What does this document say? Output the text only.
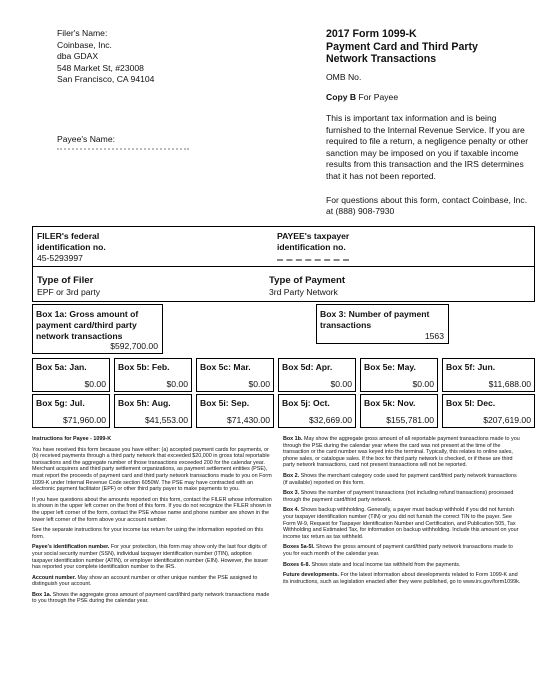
Filer's Name:
Coinbase, Inc.
dba GDAX
548 Market St, #23008
San Francisco, CA 94104
2017 Form 1099-K
Payment Card and Third Party
Network Transactions
OMB No.
Copy B For Payee
This is important tax information and is being furnished to the Internal Revenue Service. If you are required to file a return, a negligence penalty or other sanction may be imposed on you if taxable income results from this transaction and the IRS determines that it has not been reported.
For questions about this form, contact Coinbase, Inc. at (888) 908-7930
Payee's Name:
FILER's federal
identification no.
45-5293997
PAYEE's taxpayer
identification no.
Type of Filer
EPF or 3rd party
Type of Payment
3rd Party Network
Box 1a: Gross amount of
payment card/third party
network transactions
$592,700.00
Box 3: Number of payment
transactions
1563
Box 5a: Jan.
$0.00
Box 5b: Feb.
$0.00
Box 5c: Mar.
$0.00
Box 5d: Apr.
$0.00
Box 5e: May.
$0.00
Box 5f: Jun.
$11,688.00
Box 5g: Jul.
$71,960.00
Box 5h: Aug.
$41,553.00
Box 5i: Sep.
$71,430.00
Box 5j: Oct.
$32,669.00
Box 5k: Nov.
$155,781.00
Box 5l: Dec.
$207,619.00

Instructions for Payee - 1099-K

You have received this form because you have either: (a) accepted payment cards for payments, or (b) received payments through a third party network that exceeded $20,000 in gross total reportable transactions and the aggregate number of those transactions exceeded 200 for the calendar year. Merchant acquirers and third party settlement organizations, as payment settlement entities (PSE), must report the proceeds of payment card and third party network transactions made to you on Form 1099-K under Internal Revenue Code section 6050W. The PSE may have contracted with an electronic payment facilitator (EPF) or other third party payer to make payments to you.

If you have questions about the amounts reported on this form, contact the FILER whose information is shown in the upper left corner on the front of this form. If you do not recognize the FILER shown in the upper left corner of the form, contact the PSE whose name and phone number are shown in the lower left corner of the form above your account number.

See the separate instructions for your income tax return for using the information reported on this form.

Payee's identification number. For your protection, this form may show only the last four digits of your social security number (SSN), individual taxpayer identification number (ITIN), adoption taxpayer identification number (ATIN), or employer identification number (EIN). However, the issuer has reported your complete identification number to the IRS.

Account number. May show an account number or other unique number the PSE assigned to distinguish your account.

Box 1a. Shows the aggregate gross amount of payment card/third party network transactions made to you through the PSE during the calendar year.

Box 1b. May show the aggregate gross amount of all reportable payment transactions made to you through the PSE during the calendar year where the card was not present at the time of the transaction or the card number was keyed into the terminal. Typically, this relates to online sales, phone sales, or catalogue sales. If the box for third party network is checked, or if these are third party network transactions, card not present transactions will not be reported.

Box 2. Shows the merchant category code used for payment card/third party network transactions (if available) reported on this form.

Box 3. Shows the number of payment transactions (not including refund transactions) processed through the payment card/third party network.

Box 4. Shows backup withholding. Generally, a payer must backup withhold if you did not furnish your taxpayer identification number (TIN) or you did not furnish the correct TIN to the payer. See Form W-9, Request for Taxpayer Identification Number and Certification, and Publication 505, Tax Withholding and Estimated Tax, for information on backup withholding. Include this amount on your income tax return as tax withheld.

Boxes 5a-5l. Shows the gross amount of payment card/third party network transactions made to you for each month of the calendar year.

Boxes 6-8. Shows state and local income tax withheld from the payments.

Future developments. For the latest information about developments related to Form 1099-K and its instructions, such as legislation enacted after they were published, go to www.irs.gov/form1099k.
